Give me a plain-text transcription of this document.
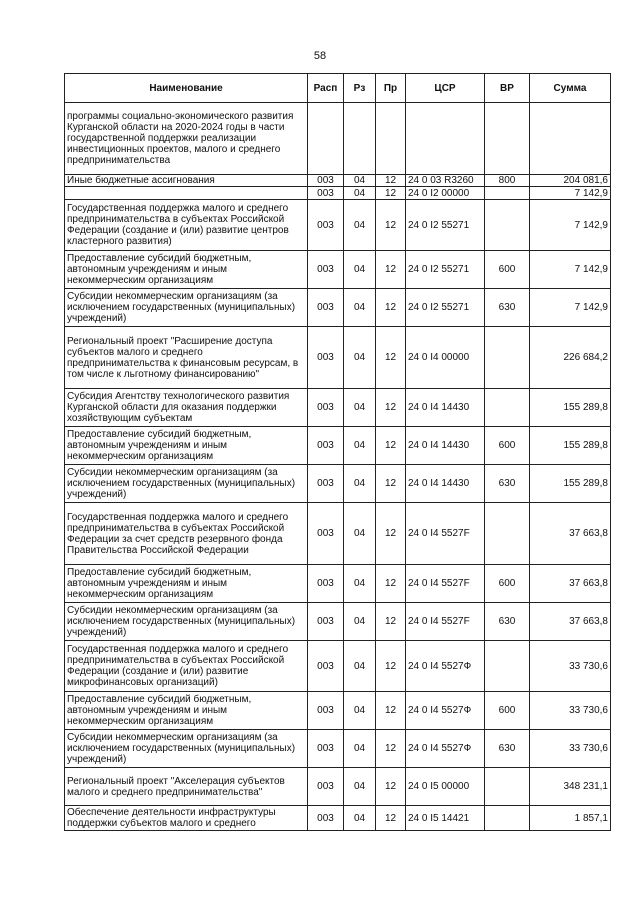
58
Наименование	Расп	Рз	Пр	ЦСР	ВР	Сумма
программы социально-экономического развития Курганской области на 2020-2024 годы в части государственной поддержки реализации инвестиционных проектов, малого и среднего предпринимательства						
Иные бюджетные ассигнования	003	04	12	24 0 03 R3260	800	204 081,6
	003	04	12	24 0 I2 00000		7 142,9
Государственная поддержка малого и среднего предпринимательства в субъектах Российской Федерации (создание и (или) развитие центров кластерного развития)	003	04	12	24 0 I2 55271		7 142,9
Предоставление субсидий бюджетным, автономным учреждениям и иным некоммерческим организациям	003	04	12	24 0 I2 55271	600	7 142,9
Субсидии некоммерческим организациям (за исключением государственных (муниципальных) учреждений)	003	04	12	24 0 I2 55271	630	7 142,9
Региональный проект "Расширение доступа субъектов малого и среднего предпринимательства к финансовым ресурсам, в том числе к льготному финансированию"	003	04	12	24 0 I4 00000		226 684,2
Субсидия Агентству технологического развития Курганской области для оказания поддержки хозяйствующим субъектам	003	04	12	24 0 I4 14430		155 289,8
Предоставление субсидий бюджетным, автономным учреждениям и иным некоммерческим организациям	003	04	12	24 0 I4 14430	600	155 289,8
Субсидии некоммерческим организациям (за исключением государственных (муниципальных) учреждений)	003	04	12	24 0 I4 14430	630	155 289,8
Государственная поддержка малого и среднего предпринимательства в субъектах Российской Федерации за счет средств резервного фонда Правительства Российской Федерации	003	04	12	24 0 I4 5527F		37 663,8
Предоставление субсидий бюджетным, автономным учреждениям и иным некоммерческим организациям	003	04	12	24 0 I4 5527F	600	37 663,8
Субсидии некоммерческим организациям (за исключением государственных (муниципальных) учреждений)	003	04	12	24 0 I4 5527F	630	37 663,8
Государственная поддержка малого и среднего предпринимательства в субъектах Российской Федерации (создание и (или) развитие микрофинансовых организаций)	003	04	12	24 0 I4 5527Ф		33 730,6
Предоставление субсидий бюджетным, автономным учреждениям и иным некоммерческим организациям	003	04	12	24 0 I4 5527Ф	600	33 730,6
Субсидии некоммерческим организациям (за исключением государственных (муниципальных) учреждений)	003	04	12	24 0 I4 5527Ф	630	33 730,6
Региональный проект "Акселерация субъектов малого и среднего предпринимательства"	003	04	12	24 0 I5 00000		348 231,1
Обеспечение деятельности инфраструктуры поддержки субъектов малого и среднего	003	04	12	24 0 I5 14421		1 857,1
